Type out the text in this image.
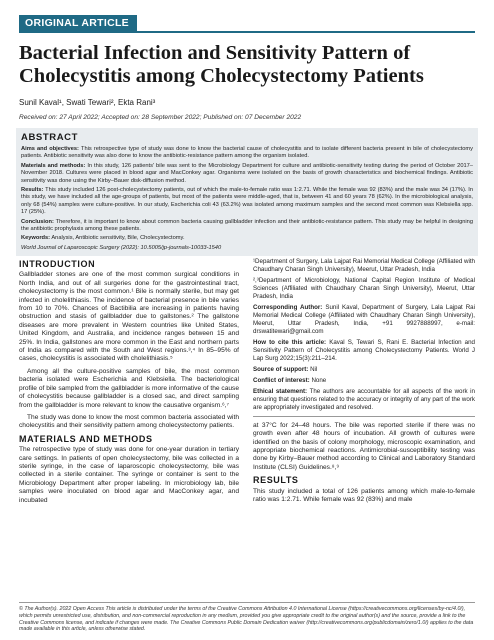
ORIGINAL ARTICLE
Bacterial Infection and Sensitivity Pattern of Cholecystitis among Cholecystectomy Patients
Sunil Kaval¹, Swati Tewari², Ekta Rani³
Received on: 27 April 2022; Accepted on: 28 September 2022; Published on: 07 December 2022
ABSTRACT

Aims and objectives: This retrospective type of study was done to know the bacterial cause of cholecystitis and to isolate different bacteria present in bile of cholecystectomy patients. Antibiotic sensitivity was also done to know the antibiotic-resistance pattern among the organism isolated.

Materials and methods: In this study, 126 patients' bile was sent to the Microbiology Department for culture and antibiotic-sensitivity testing during the period of October 2017–November 2018. Cultures were placed in blood agar and MacConkey agar. Organisms were isolated on the basis of growth characteristics and biochemical findings. Antibiotic sensitivity was done using the Kirby–Bauer disk-diffusion method.

Results: This study included 126 post-cholecystectomy patients, out of which the male-to-female ratio was 1:2.71. While the female was 92 (83%) and the male was 34 (17%). In this study, we have included all the age-groups of patients, but most of the patients were middle-aged, that is, between 41 and 60 years 78 (62%). In the microbiological analysis, only 68 (54%) samples were culture-positive. In our study, Escherichia coli 43 (63.2%) was isolated among maximum samples and the second most common was Klebsiella spp. 17 (25%).

Conclusion: Therefore, it is important to know about common bacteria causing gallbladder infection and their antibiotic-resistance pattern. This study may be helpful in designing the antibiotic prophylaxis among these patients.

Keywords: Analysis, Antibiotic sensitivity, Bile, Cholecystectomy.

World Journal of Laparoscopic Surgery (2022): 10.5005/jp-journals-10033-1540

INTRODUCTION

Gallbladder stones are one of the most common surgical conditions in North India, and out of all surgeries done for the gastrointestinal tract, cholecystectomy is the most common.¹ Bile is normally sterile, but may get infected in cholelithiasis. The incidence of bacterial presence in bile varies from 10 to 70%. Chances of Bactibilia are increasing in patients having obstruction and stasis of gallbladder due to gallstones.² The gallstone diseases are more prevalent in Western countries like United States, United Kingdom, and Australia, and incidence ranges between 15 and 25%. In India, gallstones are more common in the East and northern parts of India as compared with the South and West regions.³,⁴ In 85–95% of cases, cholecystitis is associated with cholelithiasis.⁵

Among all the culture-positive samples of bile, the most common bacteria isolated were Escherichia and Klebsiella. The bacteriological profile of bile sampled from the gallbladder is more informative of the cause of cholecystitis because gallbladder is a closed sac, and direct sampling from the gallbladder is more relevant to know the causative organism.⁶,⁷

The study was done to know the most common bacteria associated with cholecystitis and their sensitivity pattern among cholecystectomy patients.

MATERIALS AND METHODS

The retrospective type of study was done for one-year duration in tertiary care settings. In patients of open cholecystectomy, bile was collected in a sterile syringe, in the case of laparoscopic cholecystectomy, bile was collected in a sterile container. The syringe or container is sent to the Microbiology Department after proper labeling. In microbiology lab, bile samples were inoculated on blood agar and MacConkey agar, and incubated

¹Department of Surgery, Lala Lajpat Rai Memorial Medical College (Affiliated with Chaudhary Charan Singh University), Meerut, Uttar Pradesh, India

²,³Department of Microbiology, National Capital Region Institute of Medical Sciences (Affiliated with Chaudhary Charan Singh University), Meerut, Uttar Pradesh, India

Corresponding Author: Sunil Kaval, Department of Surgery, Lala Lajpat Rai Memorial Medical College (Affiliated with Chaudhary Charan Singh University), Meerut, Uttar Pradesh, India, +91 9927888997, e-mail: drswatitewari@gmail.com

How to cite this article: Kaval S, Tewari S, Rani E. Bacterial Infection and Sensitivity Pattern of Cholecystitis among Cholecystectomy Patients. World J Lap Surg 2022;15(3):211–214.

Source of support: Nil

Conflict of interest: None

Ethical statement: The authors are accountable for all aspects of the work in ensuring that questions related to the accuracy or integrity of any part of the work are appropriately investigated and resolved.

at 37°C for 24–48 hours. The bile was reported sterile if there was no growth even after 48 hours of incubation. All growth of cultures were identified on the basis of colony morphology, microscopic examination, and appropriate biochemical reactions. Antimicrobial-susceptibility testing was done by Kirby–Bauer method according to Clinical and Laboratory Standard Institute (CLSI) Guidelines.⁸,⁹

RESULTS

This study included a total of 126 patients among which male-to-female ratio was 1:2.71. While female was 92 (83%) and male

© The Author(s). 2022 Open Access This article is distributed under the terms of the Creative Commons Attribution 4.0 International License (https://creativecommons.org/licenses/by-nc/4.0/), which permits unrestricted use, distribution, and non-commercial reproduction in any medium, provided you give appropriate credit to the original author(s) and the source, provide a link to the Creative Commons license, and indicate if changes were made. The Creative Commons Public Domain Dedication waiver (http://creativecommons.org/publicdomain/zero/1.0/) applies to the data made available in this article, unless otherwise stated.
